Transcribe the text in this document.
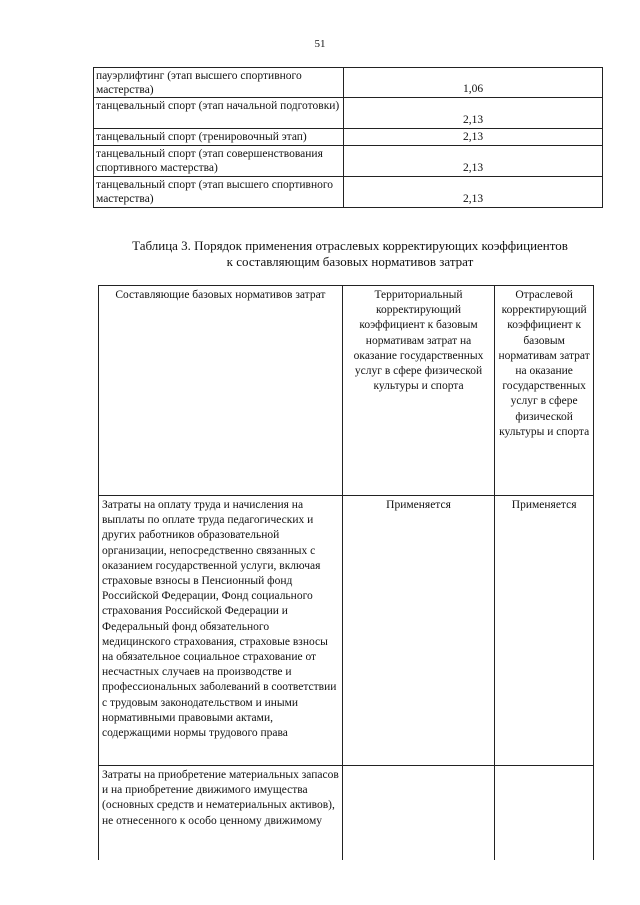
51
пауэрлифтинг (этап высшего спортивного мастерства)	1,06
танцевальный спорт (этап начальной подготовки)	2,13
танцевальный спорт (тренировочный этап)	2,13
танцевальный спорт (этап совершенствования спортивного мастерства)	2,13
танцевальный спорт (этап высшего спортивного мастерства)	2,13
Таблица 3. Порядок применения отраслевых корректирующих коэффициентов
к составляющим базовых нормативов затрат
Составляющие базовых нормативов затрат	Территориальный корректирующий коэффициент к базовым нормативам затрат на оказание государственных услуг в сфере физической культуры и спорта	Отраслевой корректирующий коэффициент к базовым нормативам затрат на оказание государственных услуг в сфере физической культуры и спорта
Затраты на оплату труда и начисления на выплаты по оплате труда педагогических и других работников образовательной организации, непосредственно связанных с оказанием государственной услуги, включая страховые взносы в Пенсионный фонд Российской Федерации, Фонд социального страхования Российской Федерации и Федеральный фонд обязательного медицинского страхования, страховые взносы на обязательное социальное страхование от несчастных случаев на производстве и профессиональных заболеваний в соответствии с трудовым законодательством и иными нормативными правовыми актами, содержащими нормы трудового права	Применяется	Применяется
Затраты на приобретение материальных запасов и на приобретение движимого имущества (основных средств и нематериальных активов), не отнесенного к особо ценному движимому		
